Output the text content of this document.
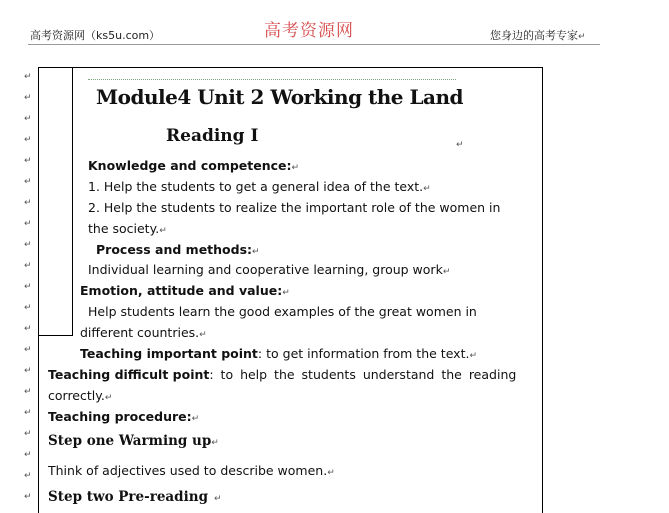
高考资源网（ks5u.com）	高考资源网	您身边的高考专家↵
↵
↵
↵
↵
↵
↵
↵
↵
↵
↵
↵
↵
↵
↵
↵
↵
↵
↵
↵
↵
↵
Module4 Unit 2 Working the Land
Reading I	↵
Knowledge and competence:↵
1. Help the students to get a general idea of the text.↵
2. Help the students to realize the important role of the women in
the society.↵
Process and methods:↵
Individual learning and cooperative learning, group work↵
Emotion, attitude and value:↵
Help students learn the good examples of the great women in
different countries.↵
Teaching important point: to get information from the text.↵
Teaching difficult point: to help the students understand the reading
correctly.↵
Teaching procedure:↵
Step one Warming up↵
Think of adjectives used to describe women.↵
Step two Pre-reading ↵
